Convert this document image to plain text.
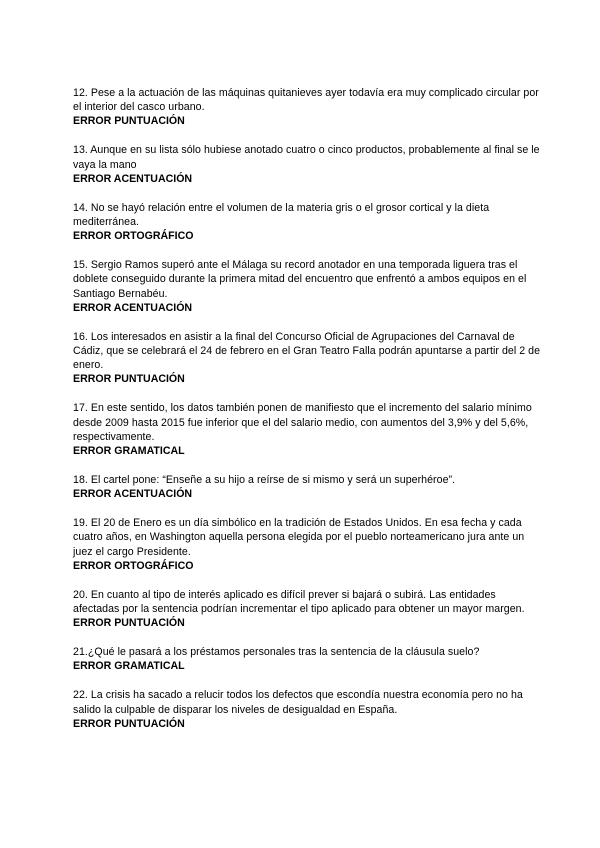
12. Pese a la actuación de las máquinas quitanieves ayer todavía era muy complicado circular por el interior del casco urbano.

ERROR PUNTUACIÓN

13. Aunque en su lista sólo hubiese anotado cuatro o cinco productos, probablemente al final se le vaya la mano

ERROR ACENTUACIÓN

14. No se hayó relación entre el volumen de la materia gris o el grosor cortical y la dieta mediterránea.

ERROR ORTOGRÁFICO

15. Sergio Ramos superó ante el Málaga su record anotador en una temporada liguera tras el doblete conseguido durante la primera mitad del encuentro que enfrentó a ambos equipos en el Santiago Bernabéu.

ERROR ACENTUACIÓN

16. Los interesados en asistir a la final del Concurso Oficial de Agrupaciones del Carnaval de Cádiz, que se celebrará el 24 de febrero en el Gran Teatro Falla podrán apuntarse a partir del 2 de enero.

ERROR PUNTUACIÓN

17. En este sentido, los datos también ponen de manifiesto que el incremento del salario mínimo desde 2009 hasta 2015 fue inferior que el del salario medio, con aumentos del 3,9% y del 5,6%, respectivamente.

ERROR GRAMATICAL

18. El cartel pone: “Enseñe a su hijo a reírse de si mismo y será un superhéroe”.

ERROR ACENTUACIÓN

19. El 20 de Enero es un día simbólico en la tradición de Estados Unidos. En esa fecha y cada cuatro años, en Washington aquella persona elegida por el pueblo norteamericano jura ante un juez el cargo Presidente.

ERROR ORTOGRÁFICO

20. En cuanto al tipo de interés aplicado es difícil prever si bajará o subirá. Las entidades afectadas por la sentencia podrían incrementar el tipo aplicado para obtener un mayor margen.

ERROR PUNTUACIÓN

21.¿Qué le pasará a los préstamos personales tras la sentencia de la cláusula suelo?

ERROR GRAMATICAL

22. La crisis ha sacado a relucir todos los defectos que escondía nuestra economía pero no ha salido la culpable de disparar los niveles de desigualdad en España.

ERROR PUNTUACIÓN
